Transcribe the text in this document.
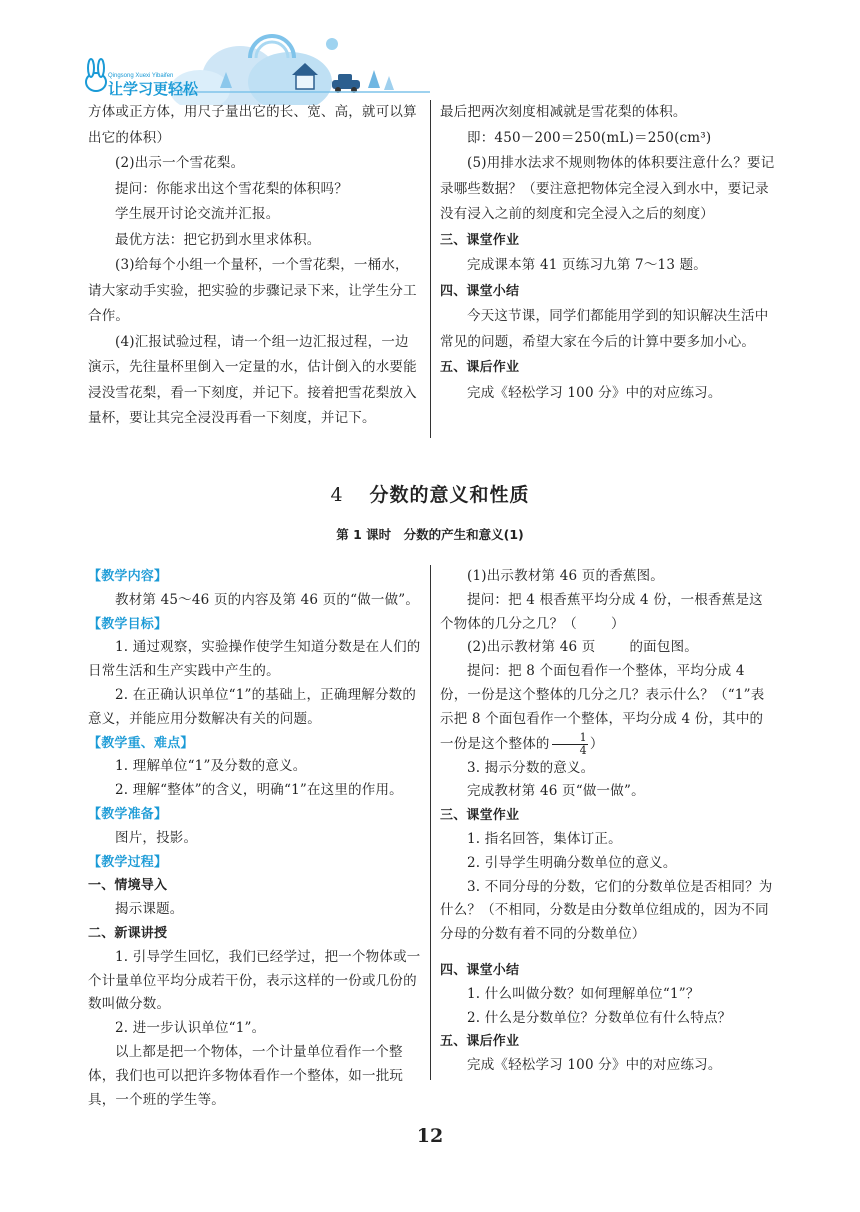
Qingsong Xuexi Yibaifen
让学习更轻松

方体或正方体，用尺子量出它的长、宽、高，就可以算出它的体积）

(2)出示一个雪花梨。

提问：你能求出这个雪花梨的体积吗？

学生展开讨论交流并汇报。

最优方法：把它扔到水里求体积。

(3)给每个小组一个量杯，一个雪花梨，一桶水，请大家动手实验，把实验的步骤记录下来，让学生分工合作。

(4)汇报试验过程，请一个组一边汇报过程，一边演示，先往量杯里倒入一定量的水，估计倒入的水要能浸没雪花梨，看一下刻度，并记下。接着把雪花梨放入量杯，要让其完全浸没再看一下刻度，并记下。

最后把两次刻度相减就是雪花梨的体积。

即：450－200＝250(mL)＝250(cm³)

(5)用排水法求不规则物体的体积要注意什么？要记录哪些数据？（要注意把物体完全浸入到水中，要记录没有浸入之前的刻度和完全浸入之后的刻度）

三、课堂作业

完成课本第 41 页练习九第 7～13 题。

四、课堂小结

今天这节课，同学们都能用学到的知识解决生活中常见的问题，希望大家在今后的计算中要多加小心。

五、课后作业

完成《轻松学习 100 分》中的对应练习。

4 分数的意义和性质
第 1 课时　分数的产生和意义(1)

【教学内容】

教材第 45～46 页的内容及第 46 页的“做一做”。

【教学目标】

1. 通过观察，实验操作使学生知道分数是在人们的日常生活和生产实践中产生的。

2. 在正确认识单位“1”的基础上，正确理解分数的意义，并能应用分数解决有关的问题。

【教学重、难点】

1. 理解单位“1”及分数的意义。

2. 理解“整体”的含义，明确“1”在这里的作用。

【教学准备】

图片，投影。

【教学过程】

一、情境导入

揭示课题。

二、新课讲授

1. 引导学生回忆，我们已经学过，把一个物体或一个计量单位平均分成若干份，表示这样的一份或几份的数叫做分数。

2. 进一步认识单位“1”。

以上都是把一个物体，一个计量单位看作一个整体，我们也可以把许多物体看作一个整体，如一批玩具，一个班的学生等。

(1)出示教材第 46 页的香蕉图。

提问：把 4 根香蕉平均分成 4 份，一根香蕉是这个物体的几分之几？（	）

(2)出示教材第 46 页	的面包图。

提问：把 8 个面包看作一个整体，平均分成 4 份，一份是这个整体的几分之几？表示什么？（“1”表示把 8 个面包看作一个整体，平均分成 4 份，其中的一份是这个整体的 $\frac{1}{4}$ ）

3. 揭示分数的意义。

完成教材第 46 页“做一做”。

三、课堂作业

1. 指名回答，集体订正。

2. 引导学生明确分数单位的意义。

3. 不同分母的分数，它们的分数单位是否相同？为什么？（不相同，分数是由分数单位组成的，因为不同分母的分数有着不同的分数单位）

四、课堂小结

1. 什么叫做分数？如何理解单位“1”？

2. 什么是分数单位？分数单位有什么特点？

五、课后作业

完成《轻松学习 100 分》中的对应练习。

12
